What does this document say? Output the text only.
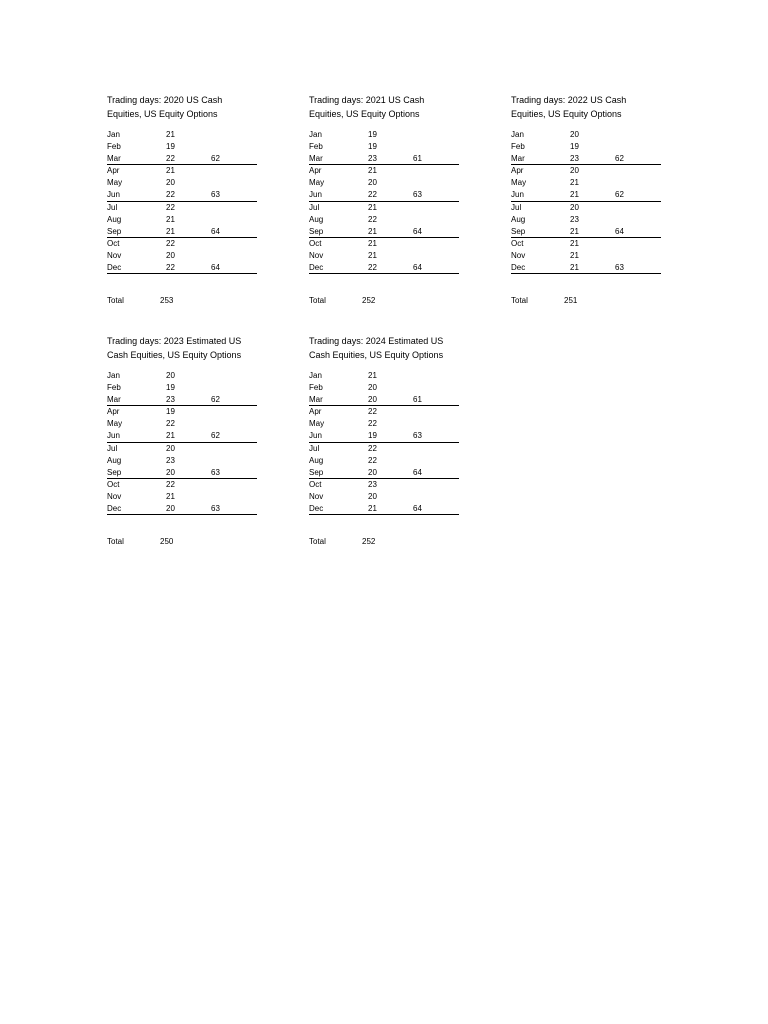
Trading days: 2020 US Cash Equities, US Equity Options
Jan	21
Feb	19
Mar	22	62
Apr	21
May	20
Jun	22	63
Jul	22
Aug	21
Sep	21	64
Oct	22
Nov	20
Dec	22	64
Total	253
Trading days: 2021 US Cash Equities, US Equity Options
Jan	19
Feb	19
Mar	23	61
Apr	21
May	20
Jun	22	63
Jul	21
Aug	22
Sep	21	64
Oct	21
Nov	21
Dec	22	64
Total	252
Trading days: 2022 US Cash Equities, US Equity Options
Jan	20
Feb	19
Mar	23	62
Apr	20
May	21
Jun	21	62
Jul	20
Aug	23
Sep	21	64
Oct	21
Nov	21
Dec	21	63
Total	251
Trading days: 2023 Estimated US Cash Equities, US Equity Options
Jan	20
Feb	19
Mar	23	62
Apr	19
May	22
Jun	21	62
Jul	20
Aug	23
Sep	20	63
Oct	22
Nov	21
Dec	20	63
Total	250
Trading days: 2024 Estimated US Cash Equities, US Equity Options
Jan	21
Feb	20
Mar	20	61
Apr	22
May	22
Jun	19	63
Jul	22
Aug	22
Sep	20	64
Oct	23
Nov	20
Dec	21	64
Total	252
